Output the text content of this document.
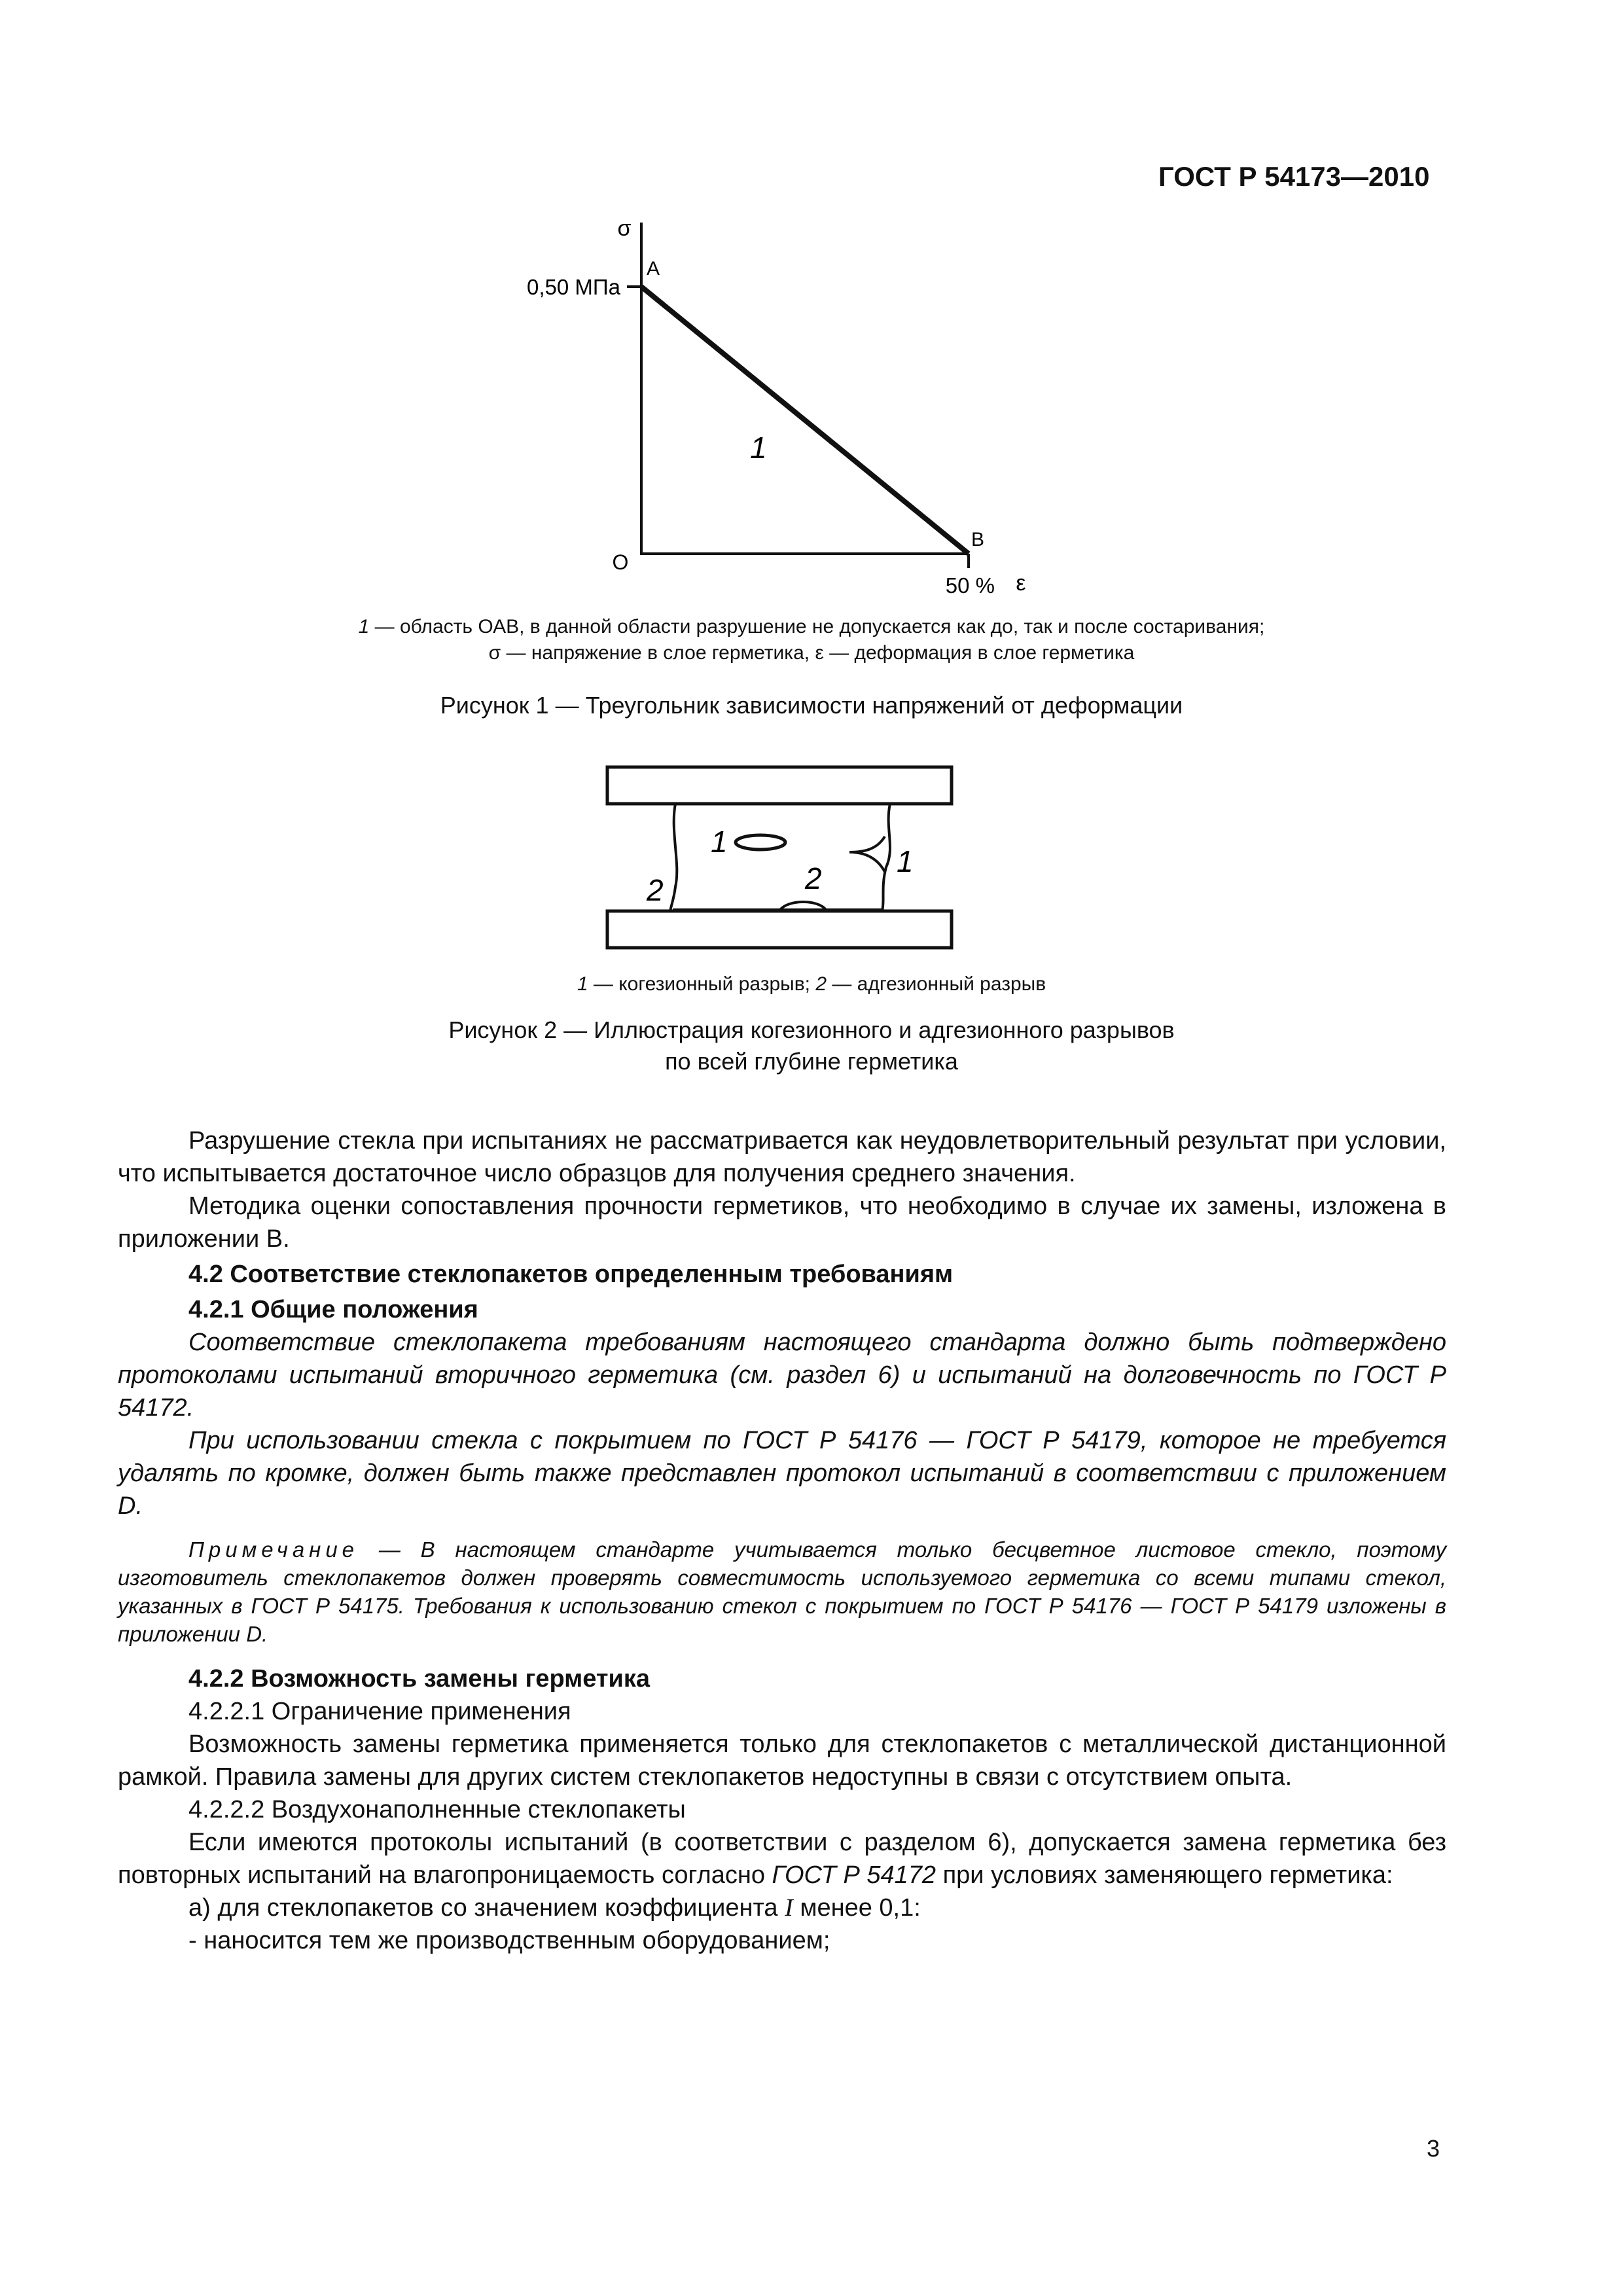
ГОСТ Р 54173—2010
σ
0,50 МПа
А
1
В
О
50 % ε
1 — область ОАВ, в данной области разрушение не допускается как до, так и после состаривания;
σ — напряжение в слое герметика, ε — деформация в слое герметика
Рисунок 1 — Треугольник зависимости напряжений от деформации
1
1
2	2
1 — когезионный разрыв; 2 — адгезионный разрыв
Рисунок 2 — Иллюстрация когезионного и адгезионного разрывов
по всей глубине герметика

Разрушение стекла при испытаниях не рассматривается как неудовлетворительный результат при условии, что испытывается достаточное число образцов для получения среднего значения.

Методика оценки сопоставления прочности герметиков, что необходимо в случае их замены, изложена в приложении В.

4.2 Соответствие стеклопакетов определенным требованиям

4.2.1 Общие положения

Соответствие стеклопакета требованиям настоящего стандарта должно быть подтверждено протоколами испытаний вторичного герметика (см. раздел 6) и испытаний на долговечность по ГОСТ Р 54172.

При использовании стекла с покрытием по ГОСТ Р 54176 — ГОСТ Р 54179, которое не требуется удалять по кромке, должен быть также представлен протокол испытаний в соответствии с приложением D.

Примечание — В настоящем стандарте учитывается только бесцветное листовое стекло, поэтому изготовитель стеклопакетов должен проверять совместимость используемого герметика со всеми типами стекол, указанных в ГОСТ Р 54175. Требования к использованию стекол с покрытием по ГОСТ Р 54176 — ГОСТ Р 54179 изложены в приложении D.

4.2.2 Возможность замены герметика

4.2.2.1 Ограничение применения

Возможность замены герметика применяется только для стеклопакетов с металлической дистанционной рамкой. Правила замены для других систем стеклопакетов недоступны в связи с отсутствием опыта.

4.2.2.2 Воздухонаполненные стеклопакеты

Если имеются протоколы испытаний (в соответствии с разделом 6), допускается замена герметика без повторных испытаний на влагопроницаемость согласно ГОСТ Р 54172 при условиях заменяющего герметика:

а) для стеклопакетов со значением коэффициента I менее 0,1:

- наносится тем же производственным оборудованием;

3
